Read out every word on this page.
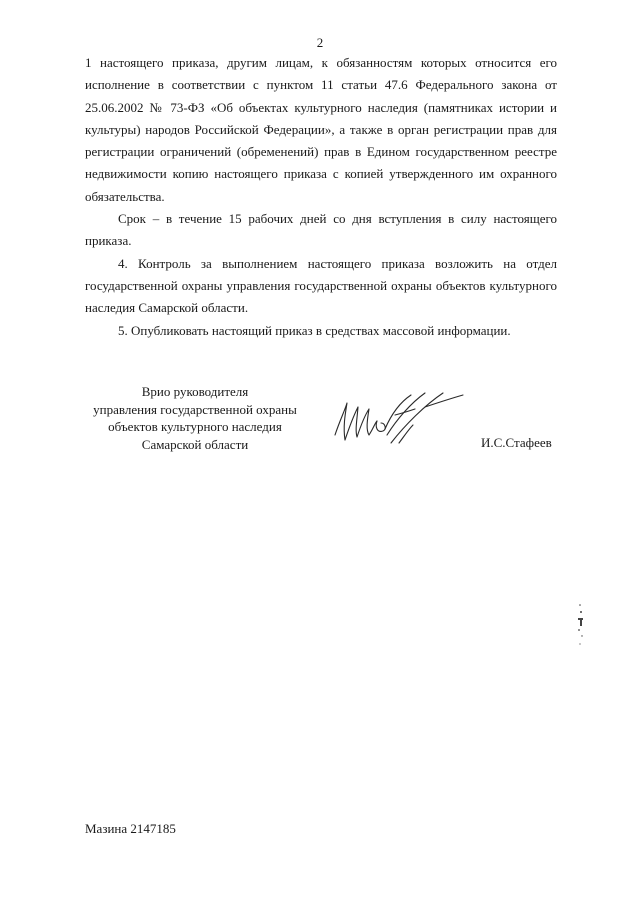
2

1 настоящего приказа, другим лицам, к обязанностям которых относится его исполнение в соответствии с пунктом 11 статьи 47.6 Федерального закона от 25.06.2002 № 73-ФЗ «Об объектах культурного наследия (памятниках истории и культуры) народов Российской Федерации», а также в орган регистрации прав для регистрации ограничений (обременений) прав в Едином государственном реестре недвижимости копию настоящего приказа с копией утвержденного им охранного обязательства.

Срок – в течение 15 рабочих дней со дня вступления в силу настоящего приказа.

4. Контроль за выполнением настоящего приказа возложить на отдел государственной охраны управления государственной охраны объектов культурного наследия Самарской области.

5. Опубликовать настоящий приказ в средствах массовой информации.

Врио руководителя
управления государственной охраны
объектов культурного наследия
Самарской области	И.С.Стафеев
Мазина 2147185
